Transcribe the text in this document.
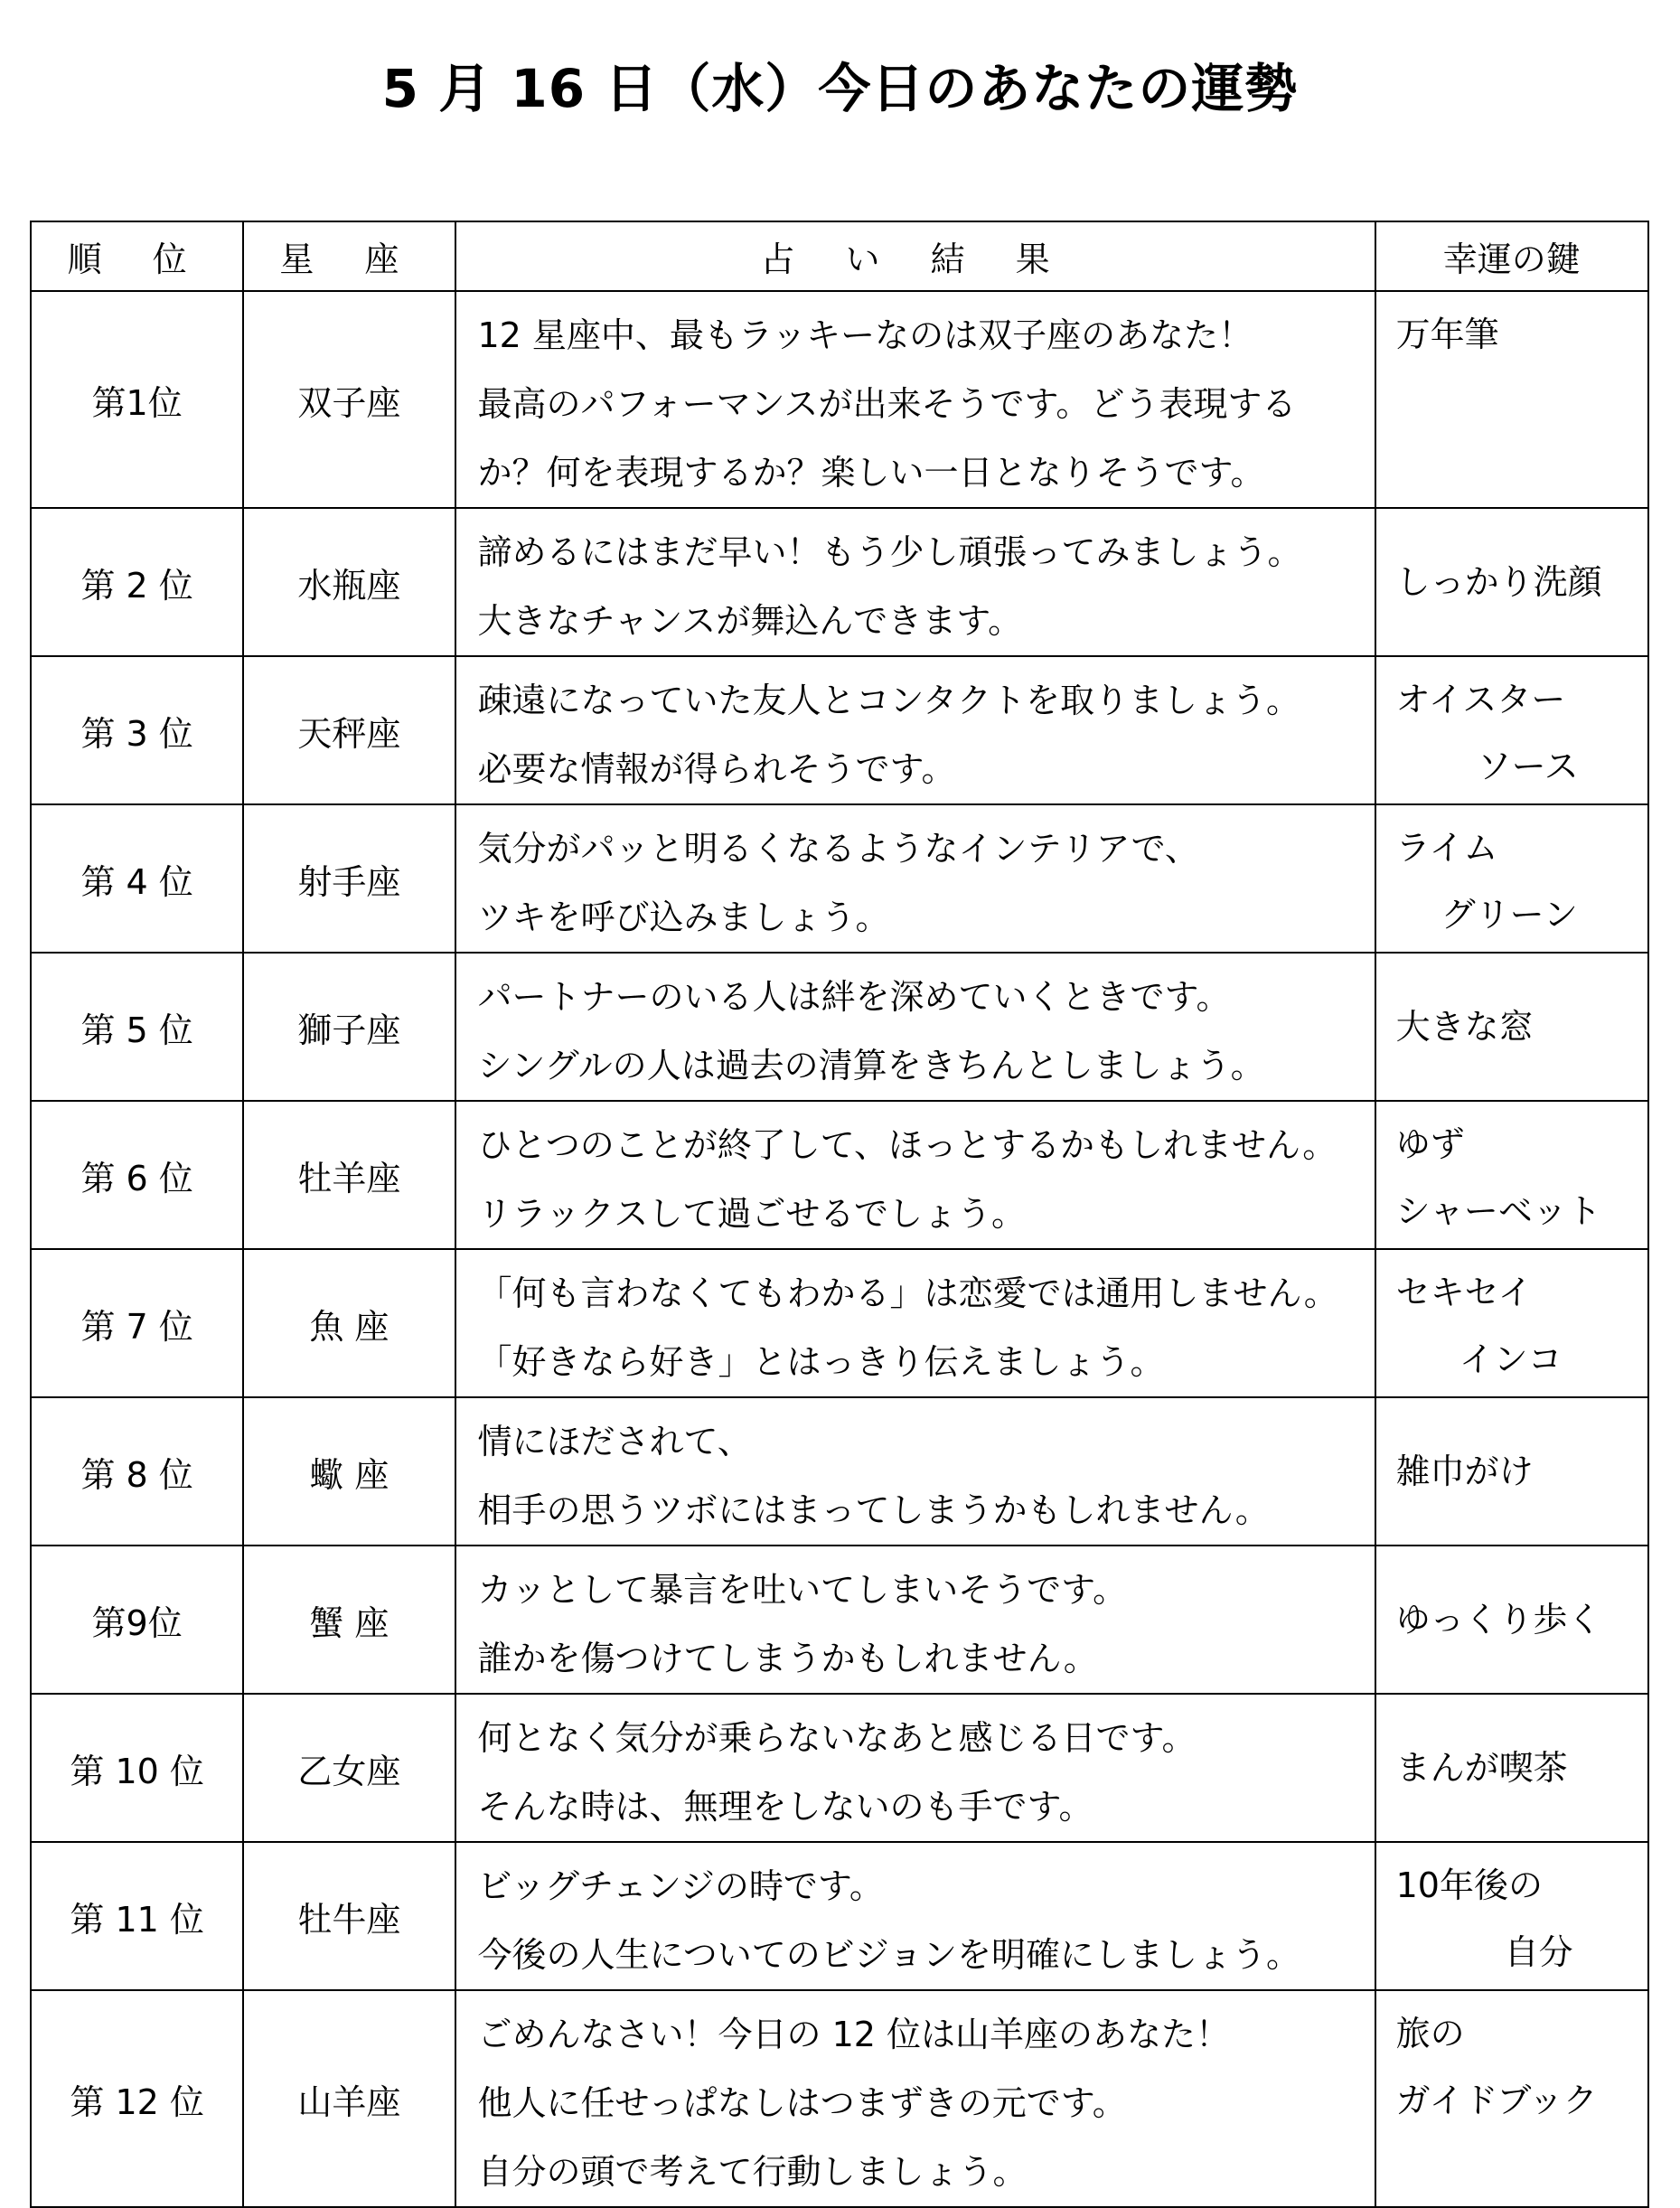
5 月 16 日（水）今日のあなたの運勢
順 位	星 座	占 い 結 果	幸運の鍵
第1位	双子座	12 星座中、最もラッキーなのは双子座のあなた！
最高のパフォーマンスが出来そうです。どう表現する
か？何を表現するか？楽しい一日となりそうです。	万年筆

第 2 位	水瓶座	諦めるにはまだ早い！もう少し頑張ってみましょう。
大きなチャンスが舞込んできます。	しっかり洗顔

第 3 位	天秤座	疎遠になっていた友人とコンタクトを取りましょう。
必要な情報が得られそうです。	オイスター
ソース

第 4 位	射手座	気分がパッと明るくなるようなインテリアで、
ツキを呼び込みましょう。	ライム
グリーン

第 5 位	獅子座	パートナーのいる人は絆を深めていくときです。
シングルの人は過去の清算をきちんとしましょう。	大きな窓

第 6 位	牡羊座	ひとつのことが終了して、ほっとするかもしれません。
リラックスして過ごせるでしょう。	ゆず
シャーベット

第 7 位	魚 座	「何も言わなくてもわかる」は恋愛では通用しません。
「好きなら好き」とはっきり伝えましょう。	セキセイ
インコ

第 8 位	蠍 座	情にほだされて、
相手の思うツボにはまってしまうかもしれません。	雑巾がけ

第9位	蟹 座	カッとして暴言を吐いてしまいそうです。
誰かを傷つけてしまうかもしれません。	ゆっくり歩く

第 10 位	乙女座	何となく気分が乗らないなあと感じる日です。
そんな時は、無理をしないのも手です。	まんが喫茶

第 11 位	牡牛座	ビッグチェンジの時です。
今後の人生についてのビジョンを明確にしましょう。	10年後の
自分

第 12 位	山羊座	ごめんなさい！今日の 12 位は山羊座のあなた！
他人に任せっぱなしはつまずきの元です。
自分の頭で考えて行動しましょう。	旅の
ガイドブック
